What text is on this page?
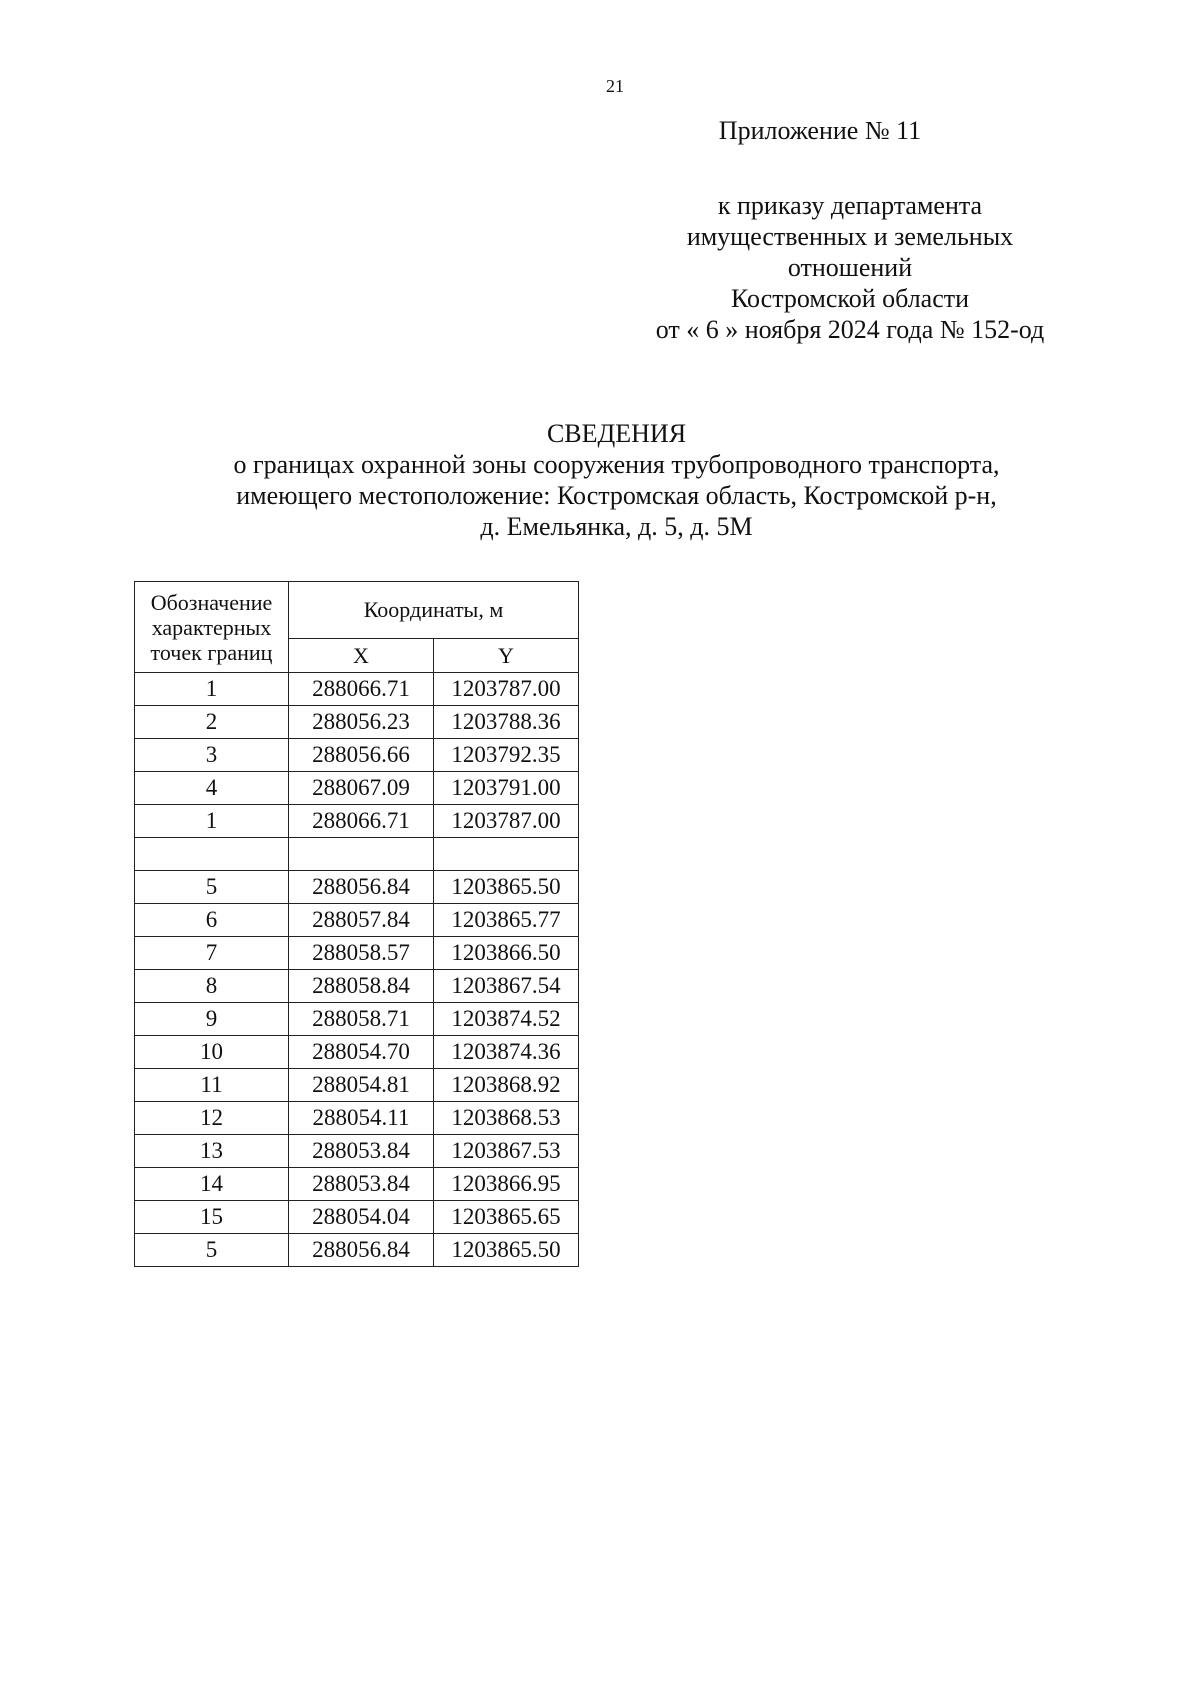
21
Приложение № 11
к приказу департамента
имущественных и земельных
отношений
Костромской области
от « 6 » ноября 2024 года № 152-од
СВЕДЕНИЯ
о границах охранной зоны сооружения трубопроводного транспорта,
имеющего местоположение: Костромская область, Костромской р-н,
д. Емельянка, д. 5, д. 5М
Обозначение
характерных
точек границ	Координаты, м	
	X	Y
1	288066.71	1203787.00
2	288056.23	1203788.36
3	288056.66	1203792.35
4	288067.09	1203791.00
1	288066.71	1203787.00

5	288056.84	1203865.50
6	288057.84	1203865.77
7	288058.57	1203866.50
8	288058.84	1203867.54
9	288058.71	1203874.52
10	288054.70	1203874.36
11	288054.81	1203868.92
12	288054.11	1203868.53
13	288053.84	1203867.53
14	288053.84	1203866.95
15	288054.04	1203865.65
5	288056.84	1203865.50
